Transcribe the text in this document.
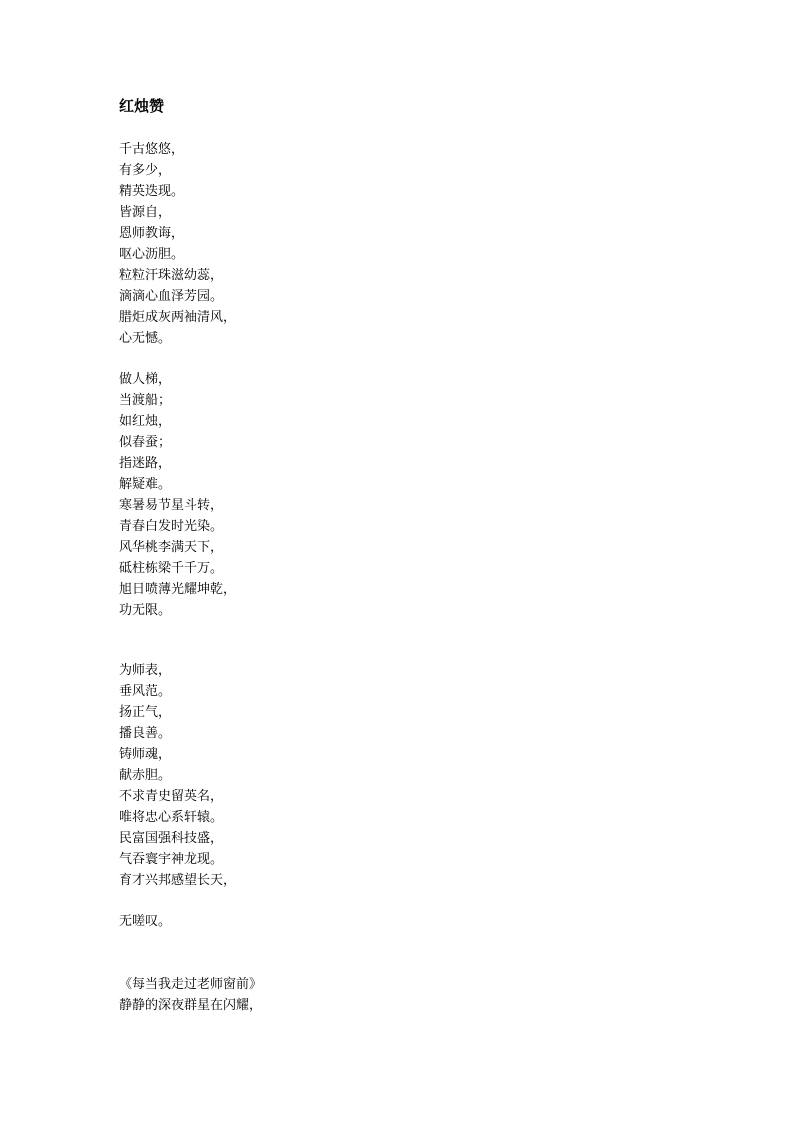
红烛赞
千古悠悠，
有多少，
精英迭现。
皆源自，
恩师教诲，
呕心沥胆。
粒粒汗珠滋幼蕊，
滴滴心血泽芳园。
腊炬成灰两袖清风，
心无憾。
做人梯，
当渡船；
如红烛，
似春蚕；
指迷路，
解疑难。
寒暑易节星斗转，
青春白发时光染。
风华桃李满天下，
砥柱栋梁千千万。
旭日喷薄光耀坤乾，
功无限。
为师表，
垂风范。
扬正气，
播良善。
铸师魂，
献赤胆。
不求青史留英名，
唯将忠心系轩辕。
民富国强科技盛，
气吞寰宇神龙现。
育才兴邦感望长天，
无嗟叹。
《每当我走过老师窗前》
静静的深夜群星在闪耀，
